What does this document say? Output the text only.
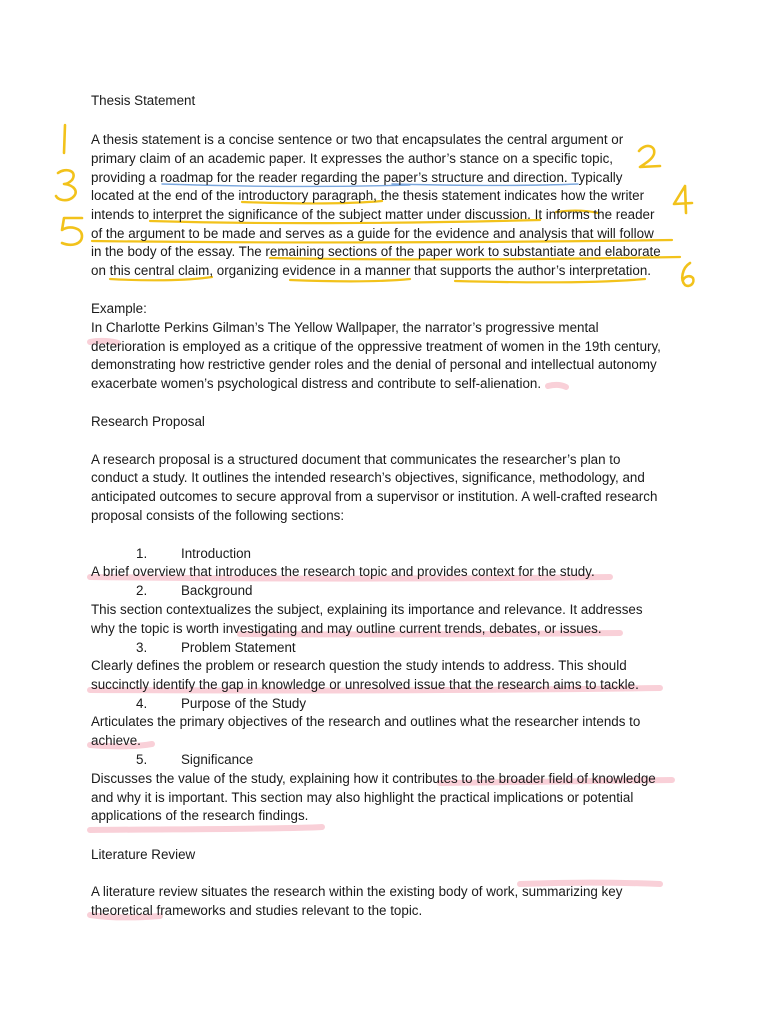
Thesis Statement
A thesis statement is a concise sentence or two that encapsulates the central argument or
primary claim of an academic paper. It expresses the author’s stance on a specific topic,
providing a roadmap for the reader regarding the paper’s structure and direction. Typically
located at the end of the introductory paragraph, the thesis statement indicates how the writer
intends to interpret the significance of the subject matter under discussion. It informs the reader
of the argument to be made and serves as a guide for the evidence and analysis that will follow
in the body of the essay. The remaining sections of the paper work to substantiate and elaborate
on this central claim, organizing evidence in a manner that supports the author’s interpretation.
Example:
In Charlotte Perkins Gilman’s The Yellow Wallpaper, the narrator’s progressive mental
deterioration is employed as a critique of the oppressive treatment of women in the 19th century,
demonstrating how restrictive gender roles and the denial of personal and intellectual autonomy
exacerbate women’s psychological distress and contribute to self-alienation.
Research Proposal
A research proposal is a structured document that communicates the researcher’s plan to
conduct a study. It outlines the intended research’s objectives, significance, methodology, and
anticipated outcomes to secure approval from a supervisor or institution. A well-crafted research
proposal consists of the following sections:
1.	Introduction
A brief overview that introduces the research topic and provides context for the study.
2.	Background
This section contextualizes the subject, explaining its importance and relevance. It addresses
why the topic is worth investigating and may outline current trends, debates, or issues.
3.	Problem Statement
Clearly defines the problem or research question the study intends to address. This should
succinctly identify the gap in knowledge or unresolved issue that the research aims to tackle.
4.	Purpose of the Study
Articulates the primary objectives of the research and outlines what the researcher intends to
achieve.
5.	Significance
Discusses the value of the study, explaining how it contributes to the broader field of knowledge
and why it is important. This section may also highlight the practical implications or potential
applications of the research findings.
Literature Review
A literature review situates the research within the existing body of work, summarizing key
theoretical frameworks and studies relevant to the topic.
